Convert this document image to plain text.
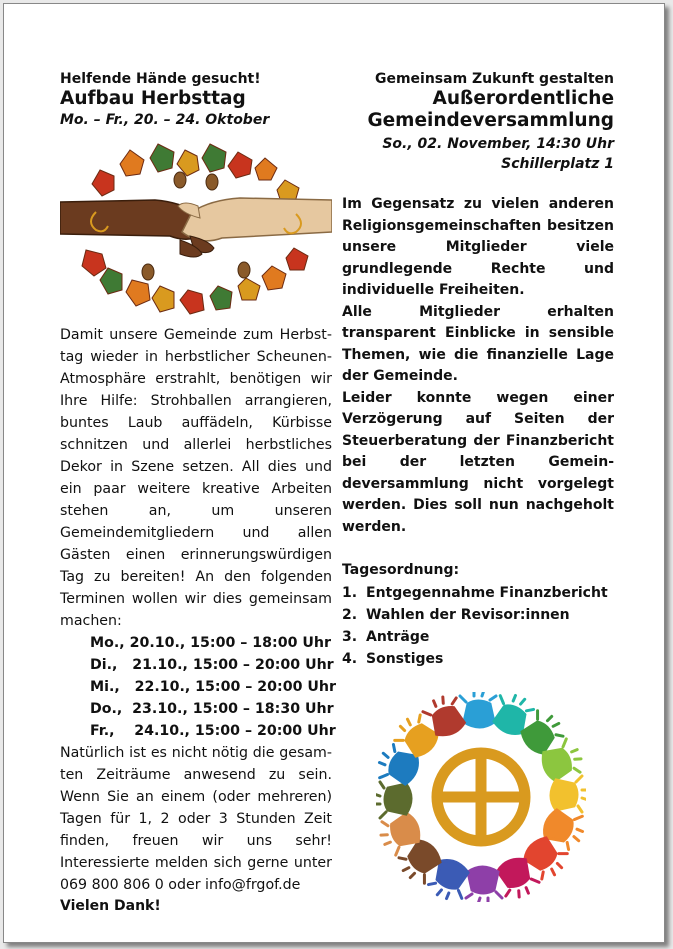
Helfende Hände gesucht!
Aufbau Herbsttag
Mo. – Fr., 20. – 24. Oktober
Damit unsere Gemeinde zum Herbsttag wieder in herbstlicher Scheunen-Atmosphäre erstrahlt, benötigen wir Ihre Hilfe: Strohballen arrangieren, buntes Laub auffädeln, Kürbisse schnitzen und allerlei herbstliches Dekor in Szene setzen. All dies und ein paar weitere kreative Arbeiten stehen an, um unseren Gemeindemitgliedern und allen Gästen einen erinnerungswürdigen Tag zu bereiten! An den folgenden Terminen wollen wir dies gemeinsam machen:
Mo., 20.10., 15:00 – 18:00 Uhr
Di.,   21.10., 15:00 – 20:00 Uhr
Mi.,   22.10., 15:00 – 20:00 Uhr
Do.,  23.10., 15:00 – 18:30 Uhr
Fr.,    24.10., 15:00 – 20:00 Uhr
Natürlich ist es nicht nötig die gesamten Zeiträume anwesend zu sein. Wenn Sie an einem (oder mehreren) Tagen für 1, 2 oder 3 Stunden Zeit finden, freuen wir uns sehr! Interessierte melden sich gerne unter 069 800 806 0 oder info@frgof.de
Vielen Dank!
Gemeinsam Zukunft gestalten
Außerordentliche
Gemeindeversammlung
So., 02. November, 14:30 Uhr
Schillerplatz 1
Im Gegensatz zu vielen anderen Religionsgemeinschaften besitzen unsere Mitglieder viele grundlegende Rechte und individuelle Freiheiten.
Alle Mitglieder erhalten transparent Einblicke in sensible Themen, wie die finanzielle Lage der Gemeinde.
Leider konnte wegen einer Verzögerung auf Seiten der Steuerberatung der Finanzbericht bei der letzten Gemeindeversammlung nicht vorgelegt werden. Dies soll nun nachgeholt werden.
Tagesordnung:
1. Entgegennahme Finanzbericht
2. Wahlen der Revisor:innen
3. Anträge
4. Sonstiges
